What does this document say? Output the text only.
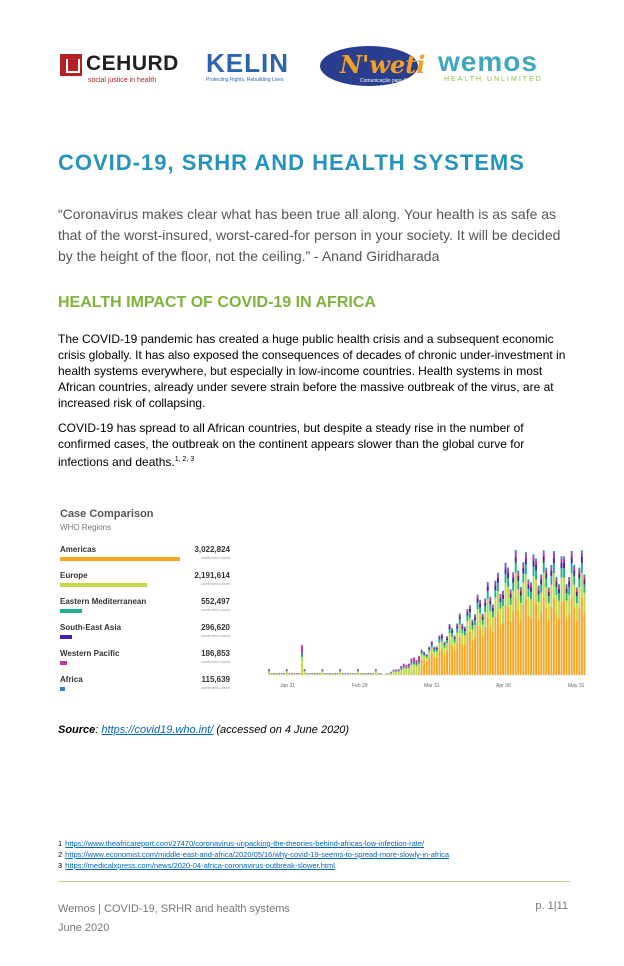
CEHURD
social justice in health
KELIN
Protecting Rights, Rebuilding Lives
N'weti
Comunicação para Saúde
wemos
HEALTH UNLIMITED
COVID-19, SRHR AND HEALTH SYSTEMS
“Coronavirus makes clear what has been true all along. Your health is as safe as that of the worst-insured, worst-cared-for person in your society. It will be decided by the height of the floor, not the ceiling.” - Anand Giridharada
HEALTH IMPACT OF COVID-19 IN AFRICA
The COVID-19 pandemic has created a huge public health crisis and a subsequent economic crisis globally. It has also exposed the consequences of decades of chronic under-investment in health systems everywhere, but especially in low-income countries. Health systems in most African countries, already under severe strain before the massive outbreak of the virus, are at increased risk of collapsing.
COVID-19 has spread to all African countries, but despite a steady rise in the number of confirmed cases, the outbreak on the continent appears slower than the global curve for infections and deaths.$^{1, 2, 3}$
Case Comparison
WHO Regions
Americas	3,022,824
confirmed cases
Europe	2,191,614
confirmed cases
Eastern Mediterranean	552,497
confirmed cases
South-East Asia	296,620
confirmed cases
Western Pacific	186,853
confirmed cases
Africa	115,639
confirmed cases	Jan 31	Feb 29	Mar 31	Apr 30	May 31
Source: https://covid19.who.int/ (accessed on 4 June 2020)
1 https://www.theafricareport.com/27470/coronavirus-unpacking-the-theories-behind-africas-low-infection-rate/
2 https://www.economist.com/middle-east-and-africa/2020/05/16/why-covid-19-seems-to-spread-more-slowly-in-africa
3 https://medicalxpress.com/news/2020-04-africa-coronavirus-outbreak-slower.html
Wemos | COVID-19, SRHR and health systems
June 2020
p. 1|11
